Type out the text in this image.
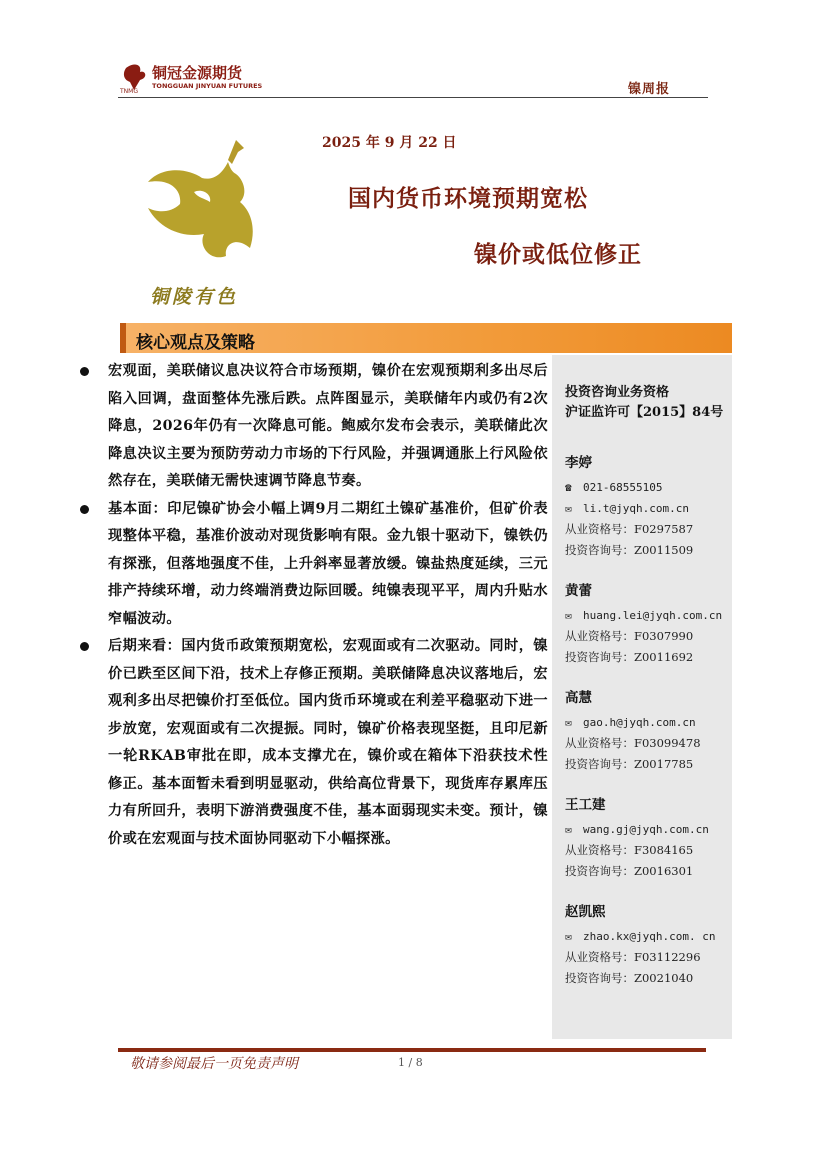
TNMG
铜冠金源期货
TONGGUAN JINYUAN FUTURES	镍周报
铜陵有色
2025 年 9 月 22 日
国内货币环境预期宽松
镍价或低位修正
核心观点及策略
投资咨询业务资格
沪证监许可【2015】84号
李婷
☎	021-68555105
✉	li.t@jyqh.com.cn
从业资格号：F0297587
投资咨询号：Z0011509
黄蕾
✉	huang.lei@jyqh.com.cn
从业资格号：F0307990
投资咨询号：Z0011692
高慧
✉	gao.h@jyqh.com.cn
从业资格号：F03099478
投资咨询号：Z0017785
王工建
✉	wang.gj@jyqh.com.cn
从业资格号：F3084165
投资咨询号：Z0016301
赵凯熙
✉	zhao.kx@jyqh.com. cn
从业资格号：F03112296
投资咨询号：Z0021040
宏观面，美联储议息决议符合市场预期，镍价在宏观预期利多出尽后陷入回调，盘面整体先涨后跌。点阵图显示，美联储年内或仍有2次降息，2026年仍有一次降息可能。鲍威尔发布会表示，美联储此次降息决议主要为预防劳动力市场的下行风险，并强调通胀上行风险依然存在，美联储无需快速调节降息节奏。
基本面：印尼镍矿协会小幅上调9月二期红土镍矿基准价，但矿价表现整体平稳，基准价波动对现货影响有限。金九银十驱动下，镍铁仍有探涨，但落地强度不佳，上升斜率显著放缓。镍盐热度延续，三元排产持续环增，动力终端消费边际回暖。纯镍表现平平，周内升贴水窄幅波动。
后期来看：国内货币政策预期宽松，宏观面或有二次驱动。同时，镍价已跌至区间下沿，技术上存修正预期。美联储降息决议落地后，宏观利多出尽把镍价打至低位。国内货币环境或在利差平稳驱动下进一步放宽，宏观面或有二次提振。同时，镍矿价格表现坚挺，且印尼新一轮RKAB审批在即，成本支撑尤在，镍价或在箱体下沿获技术性修正。基本面暂未看到明显驱动，供给高位背景下，现货库存累库压力有所回升，表明下游消费强度不佳，基本面弱现实未变。预计，镍价或在宏观面与技术面协同驱动下小幅探涨。
敬请参阅最后一页免责声明	1 / 8
